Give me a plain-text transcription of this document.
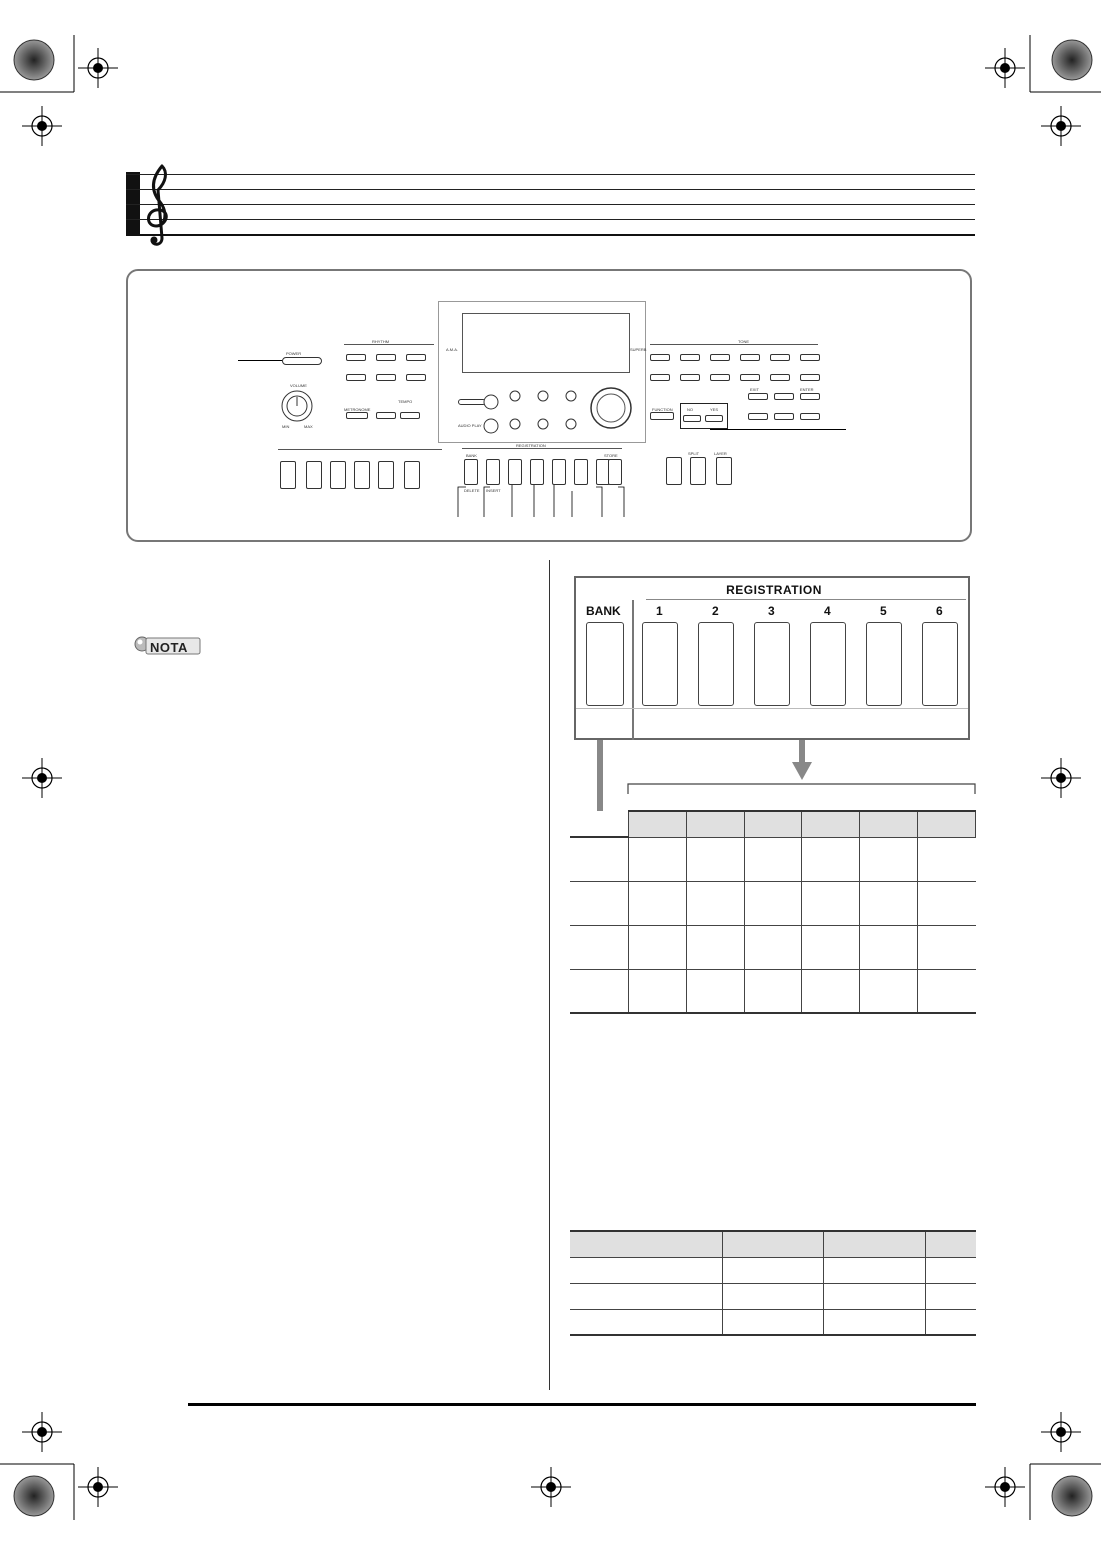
POWER
VOLUME
MIN	MAX
RHYTHM
METRONOME
TEMPO
A.M.A.	SUPERB
AUDIO PLAY
REGISTRATION
BANK	STORE
DELETE INSERT
TONE
FUNCTION	NO	YES
EXIT	ENTER
SPLIT	LAYER
NOTA
REGISTRATION
BANK	1	2	3	4	5	6
